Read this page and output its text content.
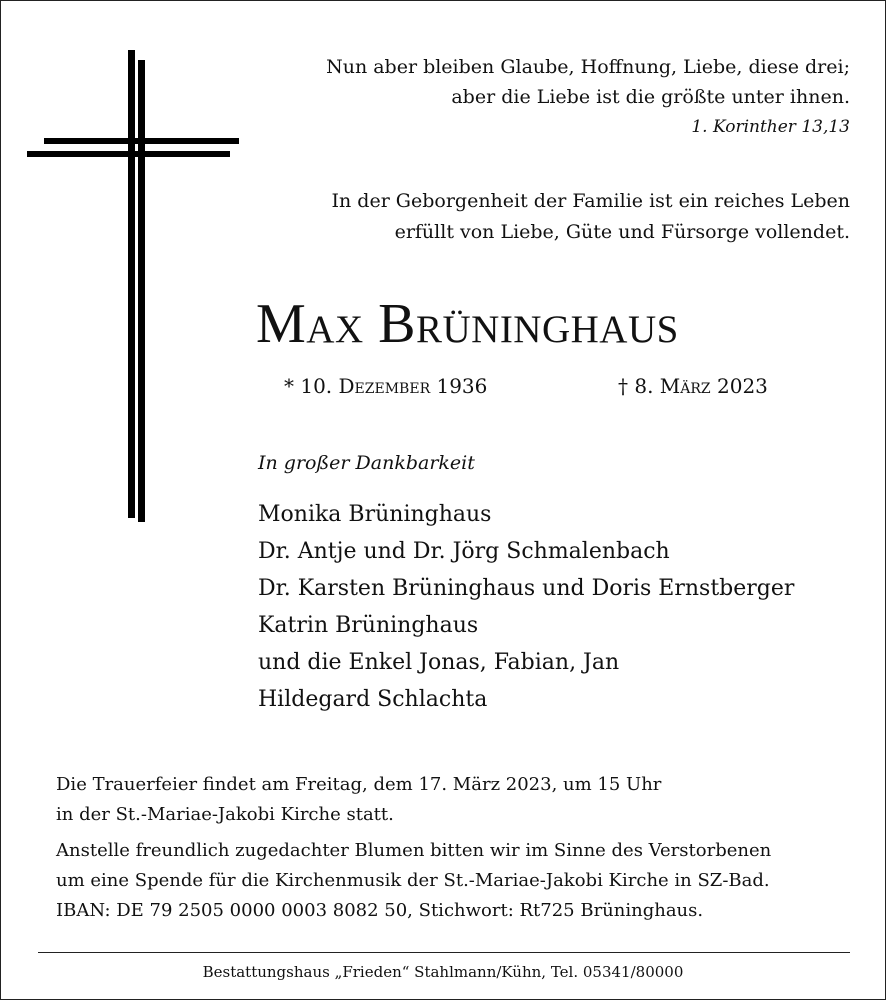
Nun aber bleiben Glaube, Hoffnung, Liebe, diese drei;
aber die Liebe ist die größte unter ihnen.
1. Korinther 13,13
In der Geborgenheit der Familie ist ein reiches Leben
erfüllt von Liebe, Güte und Fürsorge vollendet.
Max Brüninghaus
* 10. Dezember 1936	† 8. März 2023
In großer Dankbarkeit
Monika Brüninghaus
Dr. Antje und Dr. Jörg Schmalenbach
Dr. Karsten Brüninghaus und Doris Ernstberger
Katrin Brüninghaus
und die Enkel Jonas, Fabian, Jan
Hildegard Schlachta

Die Trauerfeier findet am Freitag, dem 17. März 2023, um 15 Uhr

in der St.-Mariae-Jakobi Kirche statt.

Anstelle freundlich zugedachter Blumen bitten wir im Sinne des Verstorbenen

um eine Spende für die Kirchenmusik der St.-Mariae-Jakobi Kirche in SZ-Bad.

IBAN: DE 79 2505 0000 0003 8082 50, Stichwort: Rt725 Brüninghaus.

Bestattungshaus „Frieden“ Stahlmann/Kühn, Tel. 05341/80000
